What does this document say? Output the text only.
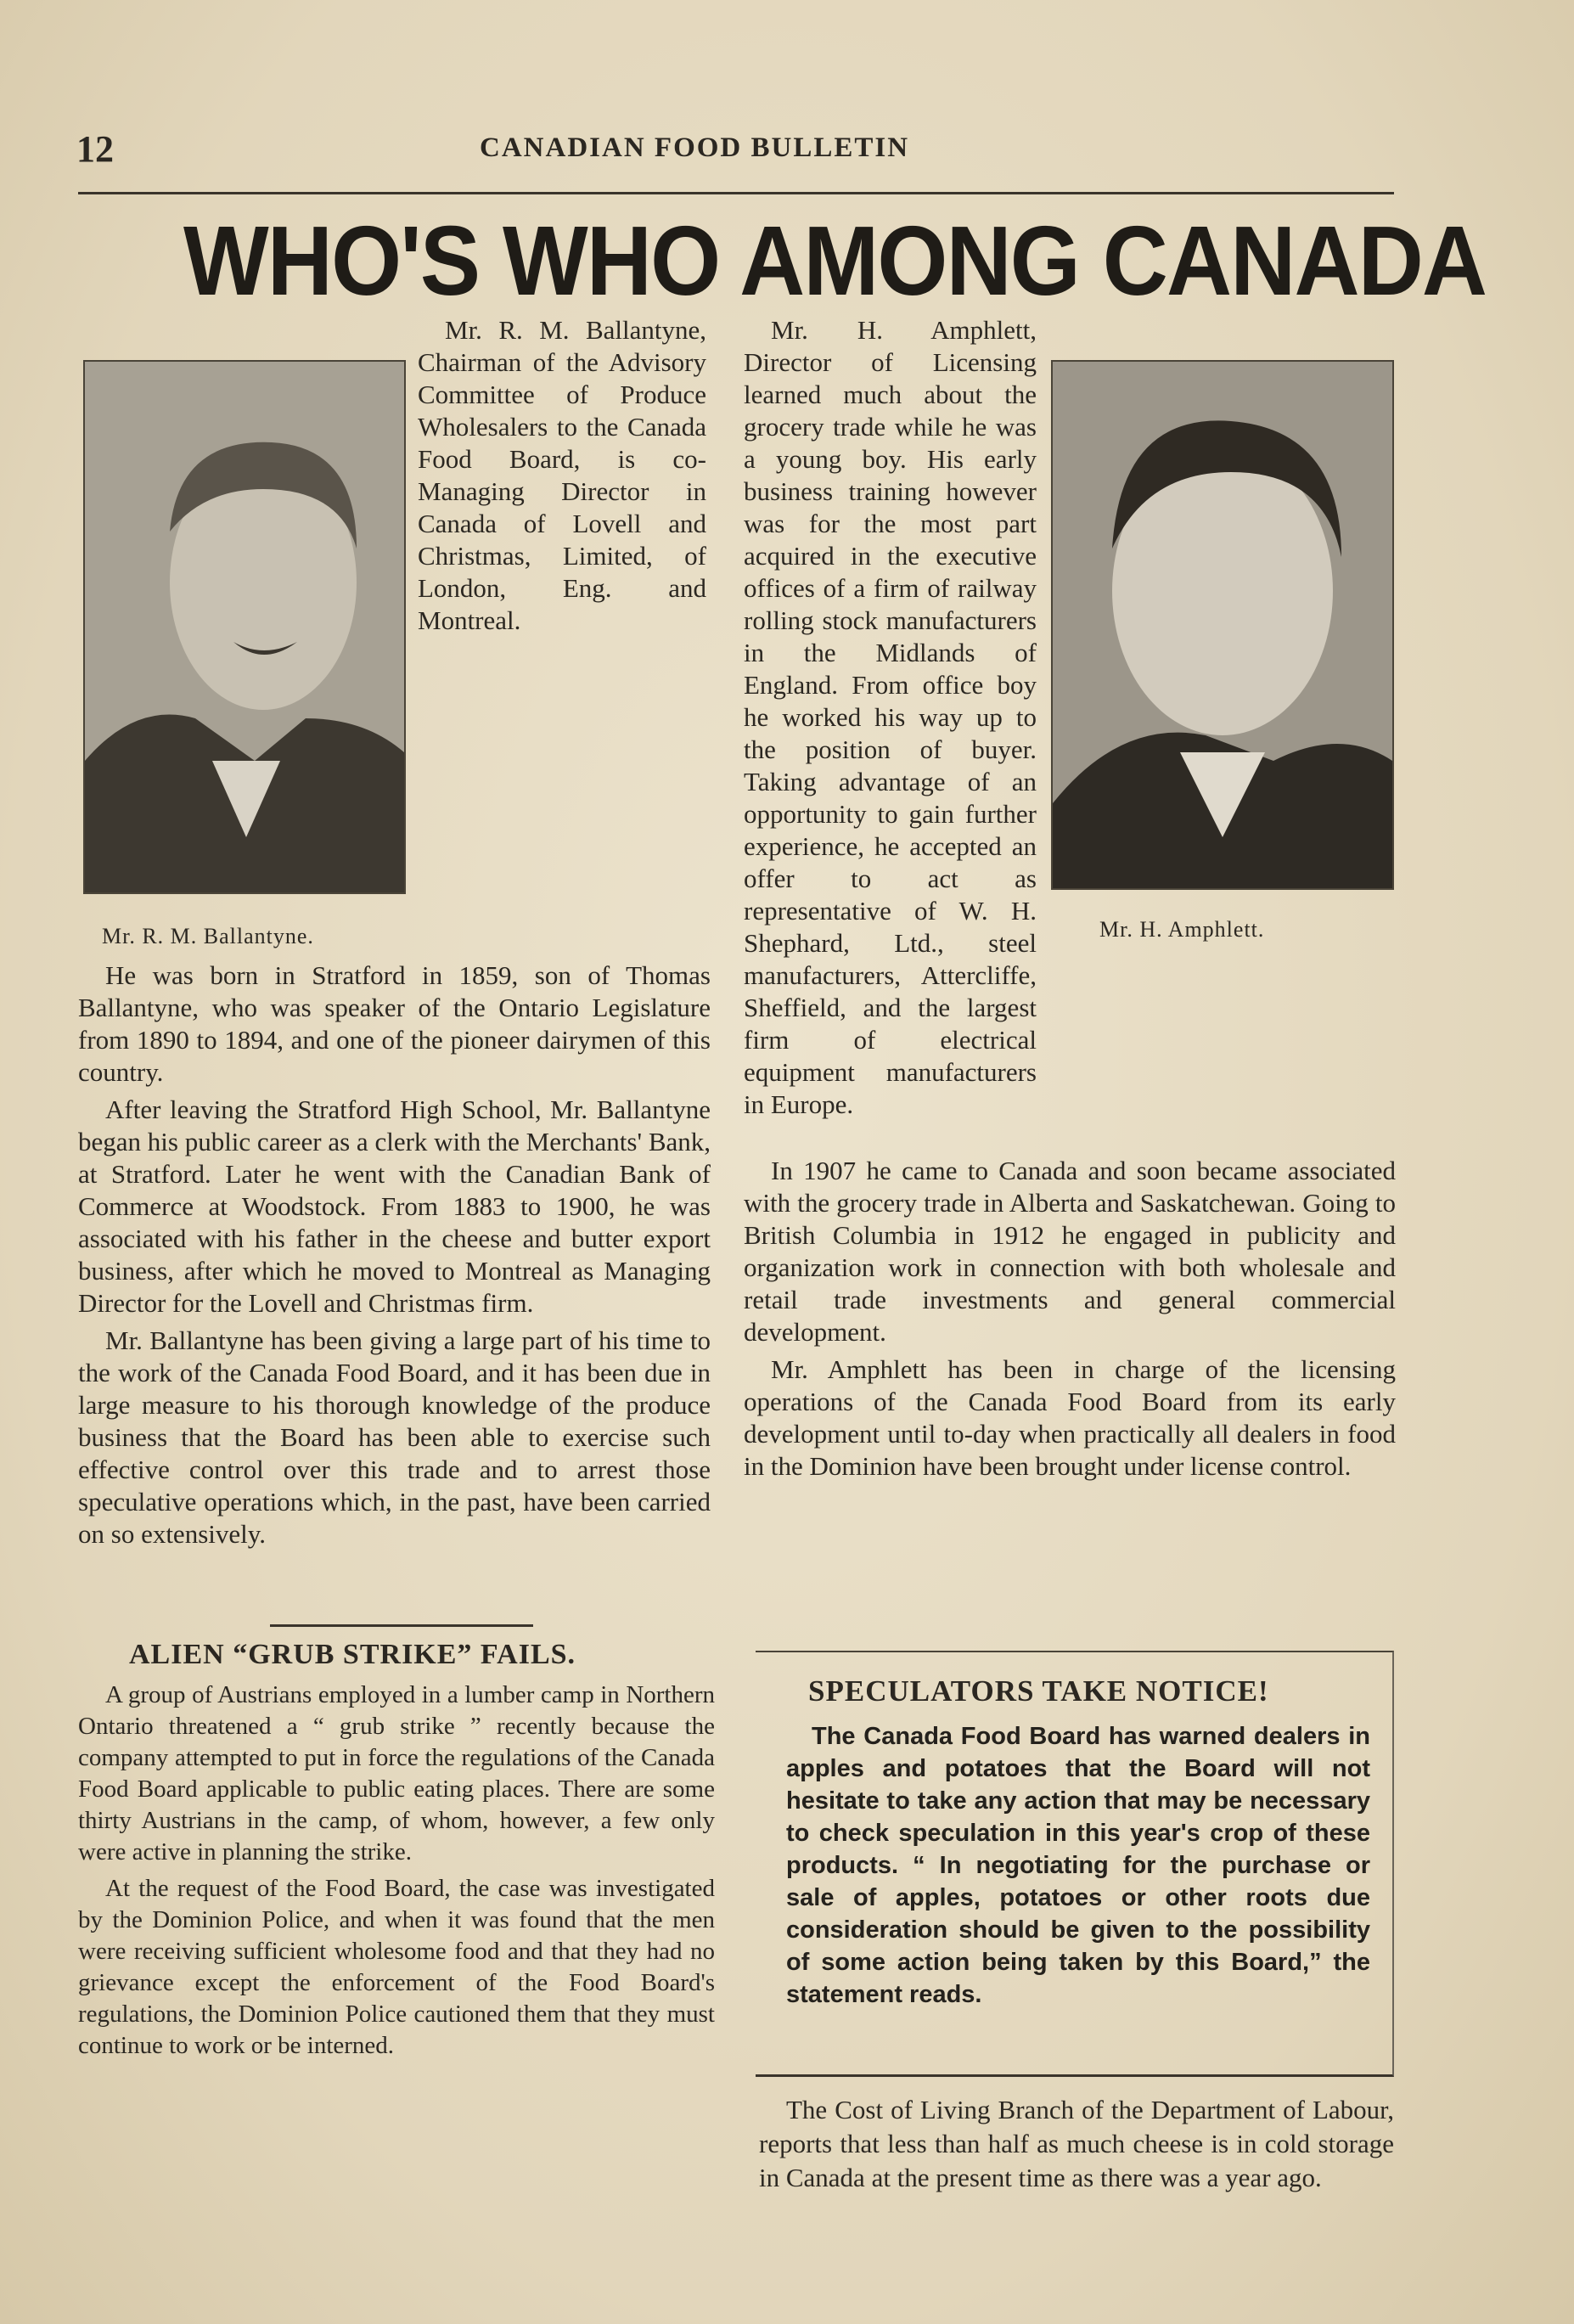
12	CANADIAN FOOD BULLETIN
WHO'S WHO AMONG CANADA
Mr. R. M. Ballantyne.

Mr. R. M. Ballantyne, Chairman of the Advisory Committee of Produce Wholesalers to the Canada Food Board, is co-Managing Director in Canada of Lovell and Christmas, Limited, of London, Eng. and Montreal.

He was born in Stratford in 1859, son of Thomas Ballantyne, who was speaker of the Ontario Legislature from 1890 to 1894, and one of the pioneer dairymen of this country.

After leaving the Stratford High School, Mr. Ballantyne began his public career as a clerk with the Merchants' Bank, at Stratford. Later he went with the Canadian Bank of Commerce at Woodstock. From 1883 to 1900, he was associated with his father in the cheese and butter export business, after which he moved to Montreal as Managing Director for the Lovell and Christmas firm.

Mr. Ballantyne has been giving a large part of his time to the work of the Canada Food Board, and it has been due in large measure to his thorough knowledge of the produce business that the Board has been able to exercise such effective control over this trade and to arrest those speculative operations which, in the past, have been carried on so extensively.

Mr. H. Amphlett.

Mr. H. Amphlett, Director of Licensing learned much about the grocery trade while he was a young boy. His early business training however was for the most part acquired in the executive offices of a firm of railway rolling stock manufacturers in the Midlands of England. From office boy he worked his way up to the position of buyer. Taking advantage of an opportunity to gain further experience, he accepted an offer to act as representative of W. H. Shephard, Ltd., steel manufacturers, Attercliffe, Sheffield, and the largest firm of electrical equipment manufacturers in Europe.

In 1907 he came to Canada and soon became associated with the grocery trade in Alberta and Saskatchewan. Going to British Columbia in 1912 he engaged in publicity and organization work in connection with both wholesale and retail trade investments and general commercial development.

Mr. Amphlett has been in charge of the licensing operations of the Canada Food Board from its early development until to-day when practically all dealers in food in the Dominion have been brought under license control.

ALIEN “GRUB STRIKE” FAILS.

A group of Austrians employed in a lumber camp in Northern Ontario threatened a “ grub strike ” recently because the company attempted to put in force the regulations of the Canada Food Board applicable to public eating places. There are some thirty Austrians in the camp, of whom, however, a few only were active in planning the strike.

At the request of the Food Board, the case was investigated by the Dominion Police, and when it was found that the men were receiving sufficient wholesome food and that they had no grievance except the enforcement of the Food Board's regulations, the Dominion Police cautioned them that they must continue to work or be interned.

SPECULATORS TAKE NOTICE!

The Canada Food Board has warned dealers in apples and potatoes that the Board will not hesitate to take any action that may be necessary to check speculation in this year's crop of these products. “ In negotiating for the purchase or sale of apples, potatoes or other roots due consideration should be given to the possibility of some action being taken by this Board,” the statement reads.

The Cost of Living Branch of the Department of Labour, reports that less than half as much cheese is in cold storage in Canada at the present time as there was a year ago.
